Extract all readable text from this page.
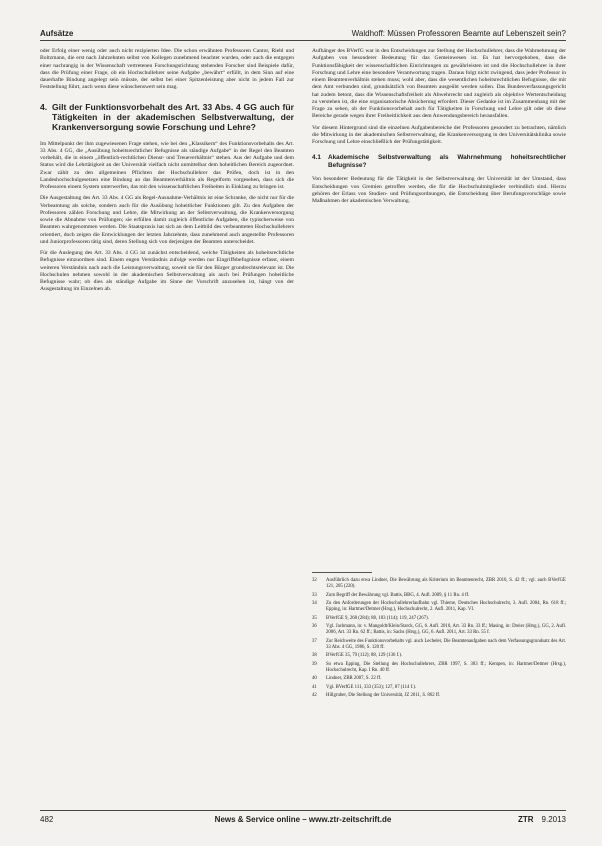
Aufsätze	Waldhoff: Müssen Professoren Beamte auf Lebenszeit sein?

oder Erfolg einer wenig oder auch nicht rezipierten Idee. Die schon erwähnten Professoren Cantor, Riebl und Boltzmann, die erst nach Jahrzehnten selbst von Kollegen zunehmend beachtet wurden, oder auch die entgegen einer nachrangig in der Wissenschaft vertretenen Forschungsrichtung stehenden Forscher sind Beispiele dafür, dass die Prüfung einer Frage, ob ein Hochschullehrer seine Aufgabe „bewährt“ erfüllt, in dem Sinn auf eine dauerhafte Bindung angelegt sein müsste, der selbst bei einer Spitzenleistung aber nicht in jedem Fall zur Feststellung führt, auch wenn diese wünschenswert sein mag.

4. Gilt der Funktionsvorbehalt des Art. 33 Abs. 4 GG auch für Tätigkeiten in der akademischen Selbstverwaltung, der Krankenversorgung sowie Forschung und Lehre?

Im Mittelpunkt der ihm zugewiesenen Frage stehen, wie bei den „Klassikern“ des Funktionsvorbehalts des Art. 33 Abs. 4 GG, die „Ausübung hoheitsrechtlicher Befugnisse als ständige Aufgabe“ in der Regel den Beamten vorbehält, die in einem „öffentlich-rechtlichen Dienst- und Treueverhältnis“ stehen. Aus der Aufgabe und dem Status wird die Lehrtätigkeit an der Universität vielfach nicht unmittelbar dem hoheitlichen Bereich zugeordnet. Zwar zählt zu den allgemeinen Pflichten der Hochschullehrer das Prüfen, doch ist in den Landeshochschulgesetzen eine Bindung an das Beamtenverhältnis als Regelform vorgesehen, dass sich die Professoren einem System unterwerfen, das mit den wissenschaftlichen Freiheiten in Einklang zu bringen ist.

Die Ausgestaltung des Art. 33 Abs. 4 GG als Regel-Ausnahme-Verhältnis ist eine Schranke, die nicht nur für die Verbeamtung als solche, sondern auch für die Ausübung hoheitlicher Funktionen gilt. Zu den Aufgaben der Professoren zählen Forschung und Lehre, die Mitwirkung an der Selbstverwaltung, die Krankenversorgung sowie die Abnahme von Prüfungen; sie erfüllen damit zugleich öffentliche Aufgaben, die typischerweise von Beamten wahrgenommen werden. Die Staatspraxis hat sich an dem Leitbild des verbeamteten Hochschullehrers orientiert, doch zeigen die Entwicklungen der letzten Jahrzehnte, dass zunehmend auch angestellte Professoren und Juniorprofessoren tätig sind, deren Stellung sich von derjenigen der Beamten unterscheidet.

Für die Auslegung des Art. 33 Abs. 4 GG ist zunächst entscheidend, welche Tätigkeiten als hoheitsrechtliche Befugnisse einzuordnen sind. Einem engen Verständnis zufolge werden nur Eingriffsbefugnisse erfasst, einem weiteren Verständnis nach auch die Leistungsverwaltung, soweit sie für den Bürger grundrechtsrelevant ist. Die Hochschulen nehmen sowohl in der akademischen Selbstverwaltung als auch bei Prüfungen hoheitliche Befugnisse wahr; ob dies als ständige Aufgabe im Sinne der Vorschrift anzusehen ist, hängt von der Ausgestaltung im Einzelnen ab.

Aufhänger des BVerfG war in den Entscheidungen zur Stellung der Hochschullehrer, dass die Wahrnehmung der Aufgaben von besonderer Bedeutung für das Gemeinwesen ist. Es hat hervorgehoben, dass die Funktionsfähigkeit der wissenschaftlichen Einrichtungen zu gewährleisten ist und die Hochschullehrer in ihrer Forschung und Lehre eine besondere Verantwortung tragen. Daraus folgt nicht zwingend, dass jeder Professor in einem Beamtenverhältnis stehen muss; wohl aber, dass die wesentlichen hoheitsrechtlichen Befugnisse, die mit dem Amt verbunden sind, grundsätzlich von Beamten ausgeübt werden sollen. Das Bundesverfassungsgericht hat zudem betont, dass die Wissenschaftsfreiheit als Abwehrrecht und zugleich als objektive Wertentscheidung zu verstehen ist, die eine organisatorische Absicherung erfordert. Dieser Gedanke ist im Zusammenhang mit der Frage zu sehen, ob der Funktionsvorbehalt auch für Tätigkeiten in Forschung und Lehre gilt oder ob diese Bereiche gerade wegen ihrer Freiheitlichkeit aus dem Anwendungsbereich herausfallen.

Vor diesem Hintergrund sind die einzelnen Aufgabenbereiche der Professoren gesondert zu betrachten, nämlich die Mitwirkung in der akademischen Selbstverwaltung, die Krankenversorgung in den Universitätsklinika sowie Forschung und Lehre einschließlich der Prüfungstätigkeit.

4.1	Akademische Selbstverwaltung als Wahrnehmung hoheitsrechtlicher Befugnisse?

Von besonderer Bedeutung für die Tätigkeit in der Selbstverwaltung der Universität ist der Umstand, dass Entscheidungen von Gremien getroffen werden, die für die Hochschulmitglieder verbindlich sind. Hierzu gehören der Erlass von Studien- und Prüfungsordnungen, die Entscheidung über Berufungsvorschläge sowie Maßnahmen der akademischen Verwaltung.

32	Ausführlich dazu etwa Lindner, Die Bewährung als Kriterium im Beamtenrecht, ZBR 2010, S. 42 ff.; vgl. auch BVerfGE 121, 205 (220).
33	Zum Begriff der Bewährung vgl. Battis, BBG, 4. Aufl. 2009, § 11 Rn. 4 ff.
34	Zu den Anforderungen der Hochschullehrerlaufbahn vgl. Thieme, Deutsches Hochschulrecht, 3. Aufl. 2004, Rn. 618 ff.; Epping, in: Hartmer/Detmer (Hrsg.), Hochschulrecht, 2. Aufl. 2011, Kap. VI.
35	BVerfGE 9, 268 (284); 88, 103 (114); 119, 247 (267).
36	Vgl. Jachmann, in: v. Mangoldt/Klein/Starck, GG, 6. Aufl. 2010, Art. 33 Rn. 33 ff.; Masing, in: Dreier (Hrsg.), GG, 2. Aufl. 2006, Art. 33 Rn. 62 ff.; Battis, in: Sachs (Hrsg.), GG, 6. Aufl. 2011, Art. 33 Rn. 55 f.
37	Zur Reichweite des Funktionsvorbehalts vgl. auch Lecheler, Die Beamtenaufgaben nach dem Verfassungsgrundsatz des Art. 33 Abs. 4 GG, 1986, S. 120 ff.
38	BVerfGE 35, 79 (112); 88, 129 (136 f.).
39	So etwa Epping, Die Stellung des Hochschullehrers, ZBR 1997, S. 383 ff.; Kempen, in: Hartmer/Detmer (Hrsg.), Hochschulrecht, Kap. I Rn. 40 ff.
40	Lindner, ZBR 2007, S. 22 ff.
41	Vgl. BVerfGE 111, 333 (353); 127, 87 (114 f.).
42	Hillgruber, Die Stellung der Universität, JZ 2011, S. 862 ff.
482	News & Service online – www.ztr-zeitschrift.de	ZTR 9.2013
